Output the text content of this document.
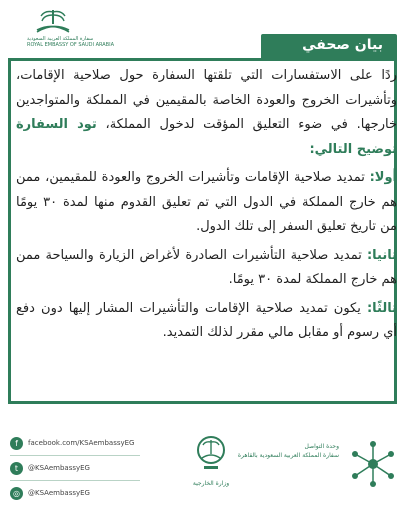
سفارة المملكة العربية السعودية
ROYAL EMBASSY OF SAUDI ARABIA	بيان صحفي

ردًا على الاستفسارات التي تلقتها السفارة حول صلاحية الإقامات، وتأشيرات الخروج والعودة الخاصة بالمقيمين في المملكة والمتواجدين خارجها. في ضوء التعليق المؤقت لدخول المملكة، تود السفارة توضيح التالي:

أولا: تمديد صلاحية الإقامات وتأشيرات الخروج والعودة للمقيمين، ممن هم خارج المملكة في الدول التي تم تعليق القدوم منها لمدة ٣٠ يومًا من تاريخ تعليق السفر إلى تلك الدول.

ثانيا: تمديد صلاحية التأشيرات الصادرة لأغراض الزيارة والسياحة ممن هم خارج المملكة لمدة ٣٠ يومًا.

ثالثًا: يكون تمديد صلاحية الإقامات والتأشيرات المشار إليها دون دفع أي رسوم أو مقابل مالي مقرر لذلك التمديد.

f	facebook.com/KSAembassyEG
t	@KSAembassyEG
◎	@KSAembassyEG
وزارة الخارجية
وحدة التواصل
سفارة المملكة العربية السعودية بالقاهرة
